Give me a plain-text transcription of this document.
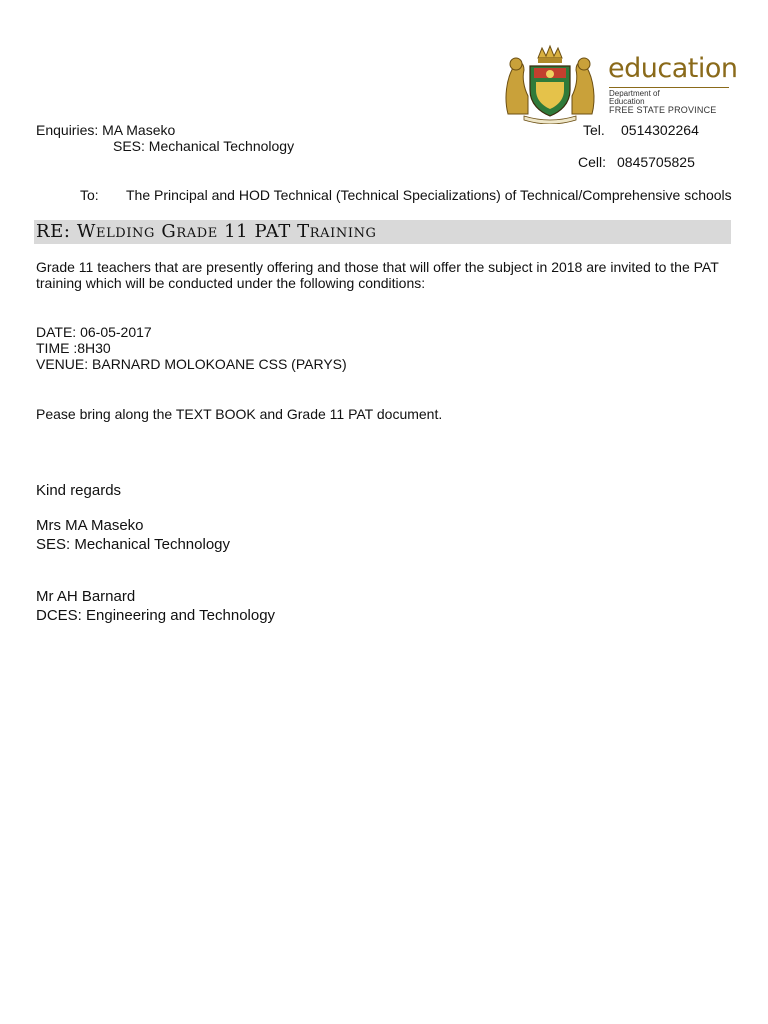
education
Department of
Education
FREE STATE PROVINCE
Enquiries: MA Maseko
SES: Mechanical Technology
Tel. 0514302264
Cell: 0845705825
To: The Principal and HOD Technical (Technical Specializations) of Technical/Comprehensive schools
RE: Welding Grade 11 PAT Training
Grade 11 teachers that are presently offering and those that will offer the subject in 2018 are invited to the PAT
training which will be conducted under the following conditions:
DATE: 06-05-2017
TIME :8H30
VENUE: BARNARD MOLOKOANE CSS (PARYS)
Pease bring along the TEXT BOOK and Grade 11 PAT document.
Kind regards
Mrs MA Maseko
SES: Mechanical Technology
Mr AH Barnard
DCES: Engineering and Technology
